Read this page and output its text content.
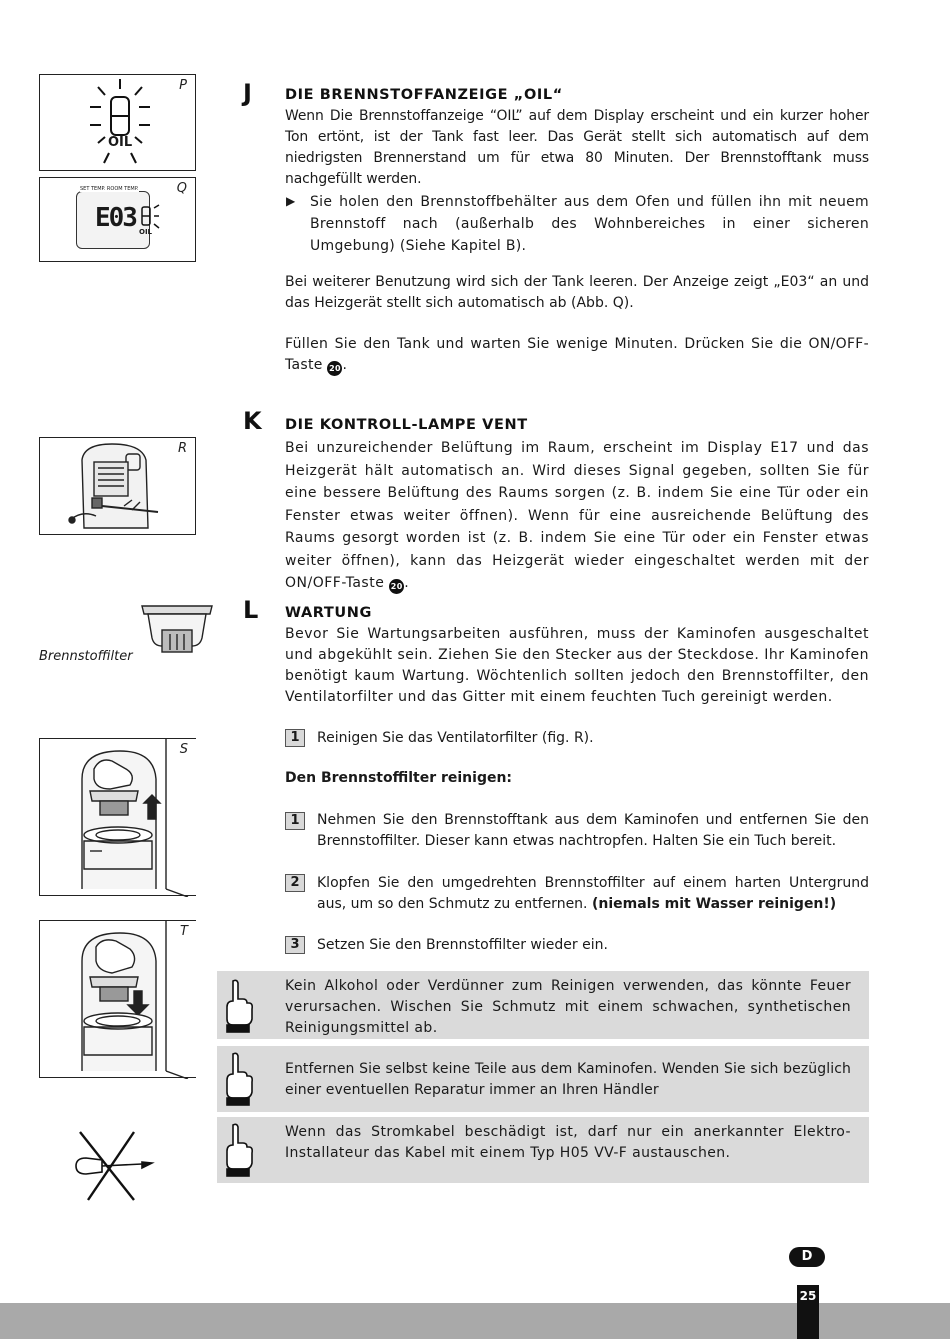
P
OIL
Q
SET TEMP. ROOM TEMP.
E03 OIL
R
Brennstoffilter
S
T
J DIE BRENNSTOFFANZEIGE „OIL“
Wenn Die Brennstoffanzeige “OIL” auf dem Display erscheint und ein kurzer hoher Ton ertönt, ist der Tank fast leer. Das Gerät stellt sich automatisch auf dem niedrigsten Brennerstand um für etwa 80 Minuten. Der Brennstofftank muss nachgefüllt werden.
▶ Sie holen den Brennstoffbehälter aus dem Ofen und füllen ihn mit neuem Brennstoff nach (außerhalb des Wohnbereiches in einer sicheren Umgebung) (Siehe Kapitel B).
Bei weiterer Benutzung wird sich der Tank leeren. Der Anzeige zeigt „E03“ an und das Heizgerät stellt sich automatisch ab (Abb. Q).
Füllen Sie den Tank und warten Sie wenige Minuten. Drücken Sie die ON/OFF-Taste 20 .
K DIE KONTROLL-LAMPE VENT
Bei unzureichender Belüftung im Raum, erscheint im Display E17 und das Heizgerät hält automatisch an. Wird dieses Signal gegeben, sollten Sie für eine bessere Belüftung des Raums sorgen (z. B. indem Sie eine Tür oder ein Fenster etwas weiter öffnen). Wenn für eine ausreichende Belüftung des Raums gesorgt worden ist (z. B. indem Sie eine Tür oder ein Fenster etwas weiter öffnen), kann das Heizgerät wieder eingeschaltet werden mit der ON/OFF-Taste 20.
L WARTUNG
Bevor Sie Wartungsarbeiten ausführen, muss der Kaminofen ausgeschaltet und abgekühlt sein. Ziehen Sie den Stecker aus der Steckdose. Ihr Kaminofen benötigt kaum Wartung. Wöchtenlich sollten jedoch den Brennstoffilter, den Ventilatorfilter und das Gitter mit einem feuchten Tuch gereinigt werden.
1	Reinigen Sie das Ventilatorfilter (fig. R).
Den Brennstoffilter reinigen:
1	Nehmen Sie den Brennstofftank aus dem Kaminofen und entfernen Sie den Brennstoffilter. Dieser kann etwas nachtropfen. Halten Sie ein Tuch bereit.
2	Klopfen Sie den umgedrehten Brennstoffilter auf einem harten Untergrund aus, um so den Schmutz zu entfernen. (niemals mit Wasser reinigen!)
3	Setzen Sie den Brennstoffilter wieder ein.
Kein Alkohol oder Verdünner zum Reinigen verwenden, das könnte Feuer verursachen. Wischen Sie Schmutz mit einem schwachen, synthetischen Reinigungsmittel ab.
Entfernen Sie selbst keine Teile aus dem Kaminofen. Wenden Sie sich bezüglich einer eventuellen Reparatur immer an Ihren Händler
Wenn das Stromkabel beschädigt ist, darf nur ein anerkannter Elektro-Installateur das Kabel mit einem Typ H05 VV-F austauschen.
D
25
